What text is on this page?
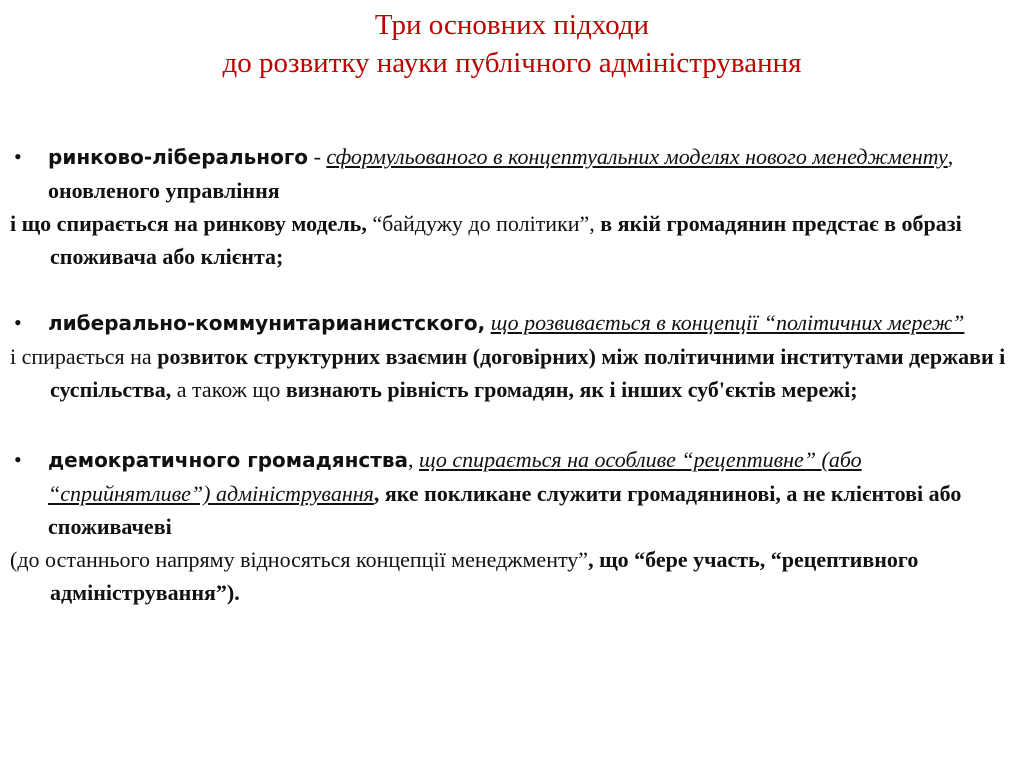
Три основних підходи
до розвитку науки публічного адміністрування

• ринково-ліберального - сформульованого в концептуальних моделях нового менеджменту, оновленого управління

і що спирається на ринкову модель, “байдужу до політики”, в якій громадянин предстає в образі споживача або клієнта;

• либерально-коммунитарианистского, що розвивається в концепції “політичних мереж”

і спирається на розвиток структурних взаємин (договірних) між політичними інститутами держави і суспільства, а також що визнають рівність громадян, як і інших суб'єктів мережі;

• демократичного громадянства, що спирається на особливе “рецептивне” (або “сприйнятливе”) адміністрування, яке покликане служити громадянинові, а не клієнтові або споживачеві

(до останнього напряму відносяться концепції менеджменту”, що “бере участь, “рецептивного адміністрування”).
